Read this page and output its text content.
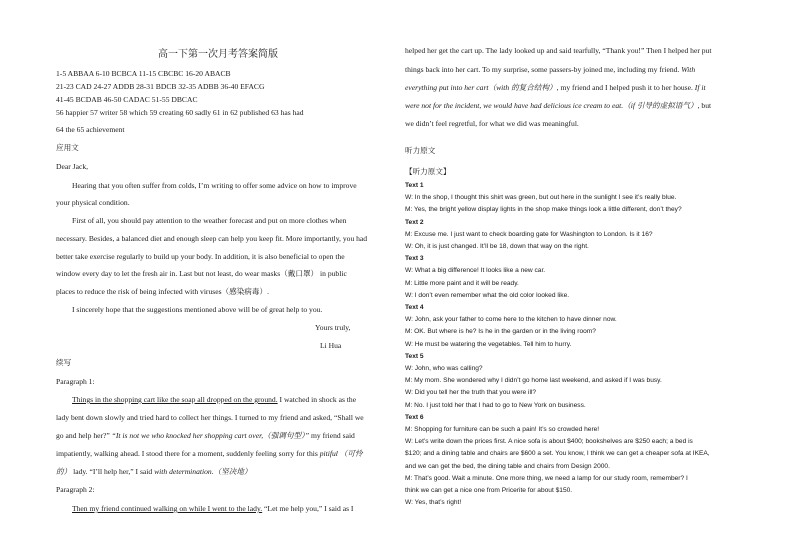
高一下第一次月考答案简版
1-5 ABBAA 6-10 BCBCA 11-15 CBCBC 16-20 ABACB
21-23 CAD 24-27 ADDB 28-31 BDCB 32-35 ADBB 36-40 EFACG
41-45 BCDAB 46-50 CADAC 51-55 DBCAC
56 happier 57 writer 58 which 59 creating 60 sadly 61 in 62 published 63 has had
64 the 65 achievement
应用文
Dear Jack,
Hearing that you often suffer from colds, I’m writing to offer some advice on how to improve
your physical condition.
First of all, you should pay attention to the weather forecast and put on more clothes when
necessary. Besides, a balanced diet and enough sleep can help you keep fit. More importantly, you had
better take exercise regularly to build up your body. In addition, it is also beneficial to open the
window every day to let the fresh air in. Last but not least, do wear masks（戴口罩） in public
places to reduce the risk of being infected with viruses（感染病毒）.
I sincerely hope that the suggestions mentioned above will be of great help to you.
Yours truly,
Li Hua
续写
Paragraph 1:
Things in the shopping cart like the soap all dropped on the ground. I watched in shock as the
lady bent down slowly and tried hard to collect her things. I turned to my friend and asked, “Shall we
go and help her?” “It is not we who knocked her shopping cart over,（强调句型）” my friend said
impatiently, walking ahead. I stood there for a moment, suddenly feeling sorry for this pitiful （可怜
的） lady. “I’ll help her,” I said with determination.（坚决地）
Paragraph 2:
Then my friend continued walking on while I went to the lady. “Let me help you,” I said as I
helped her get the cart up. The lady looked up and said tearfully, “Thank you!” Then I helped her put
things back into her cart. To my surprise, some passers-by joined me, including my friend. With
everything put into her cart（with 的复合结构）, my friend and I helped push it to her house. If it
were not for the incident, we would have had delicious ice cream to eat.（if 引导的虚拟语气）, but
we didn’t feel regretful, for what we did was meaningful.
听力原文
【听力原文】
Text 1
W: In the shop, I thought this shirt was green, but out here in the sunlight I see it’s really blue.
M: Yes, the bright yellow display lights in the shop make things look a little different, don’t they?
Text 2
M: Excuse me. I just want to check boarding gate for Washington to London. Is it 16?
W: Oh, it is just changed. It’ll be 18, down that way on the right.
Text 3
W: What a big difference! It looks like a new car.
M: Little more paint and it will be ready.
W: I don’t even remember what the old color looked like.
Text 4
W: John, ask your father to come here to the kitchen to have dinner now.
M: OK. But where is he? Is he in the garden or in the living room?
W: He must be watering the vegetables. Tell him to hurry.
Text 5
W: John, who was calling?
M: My mom. She wondered why I didn’t go home last weekend, and asked if I was busy.
W: Did you tell her the truth that you were ill?
M: No. I just told her that I had to go to New York on business.
Text 6
M: Shopping for furniture can be such a pain! It’s so crowded here!
W: Let’s write down the prices first. A nice sofa is about $400; bookshelves are $250 each; a bed is
$120; and a dining table and chairs are $600 a set. You know, I think we can get a cheaper sofa at IKEA,
and we can get the bed, the dining table and chairs from Design 2000.
M: That’s good. Wait a minute. One more thing, we need a lamp for our study room, remember? I
think we can get a nice one from Pricerite for about $150.
W: Yes, that’s right!
